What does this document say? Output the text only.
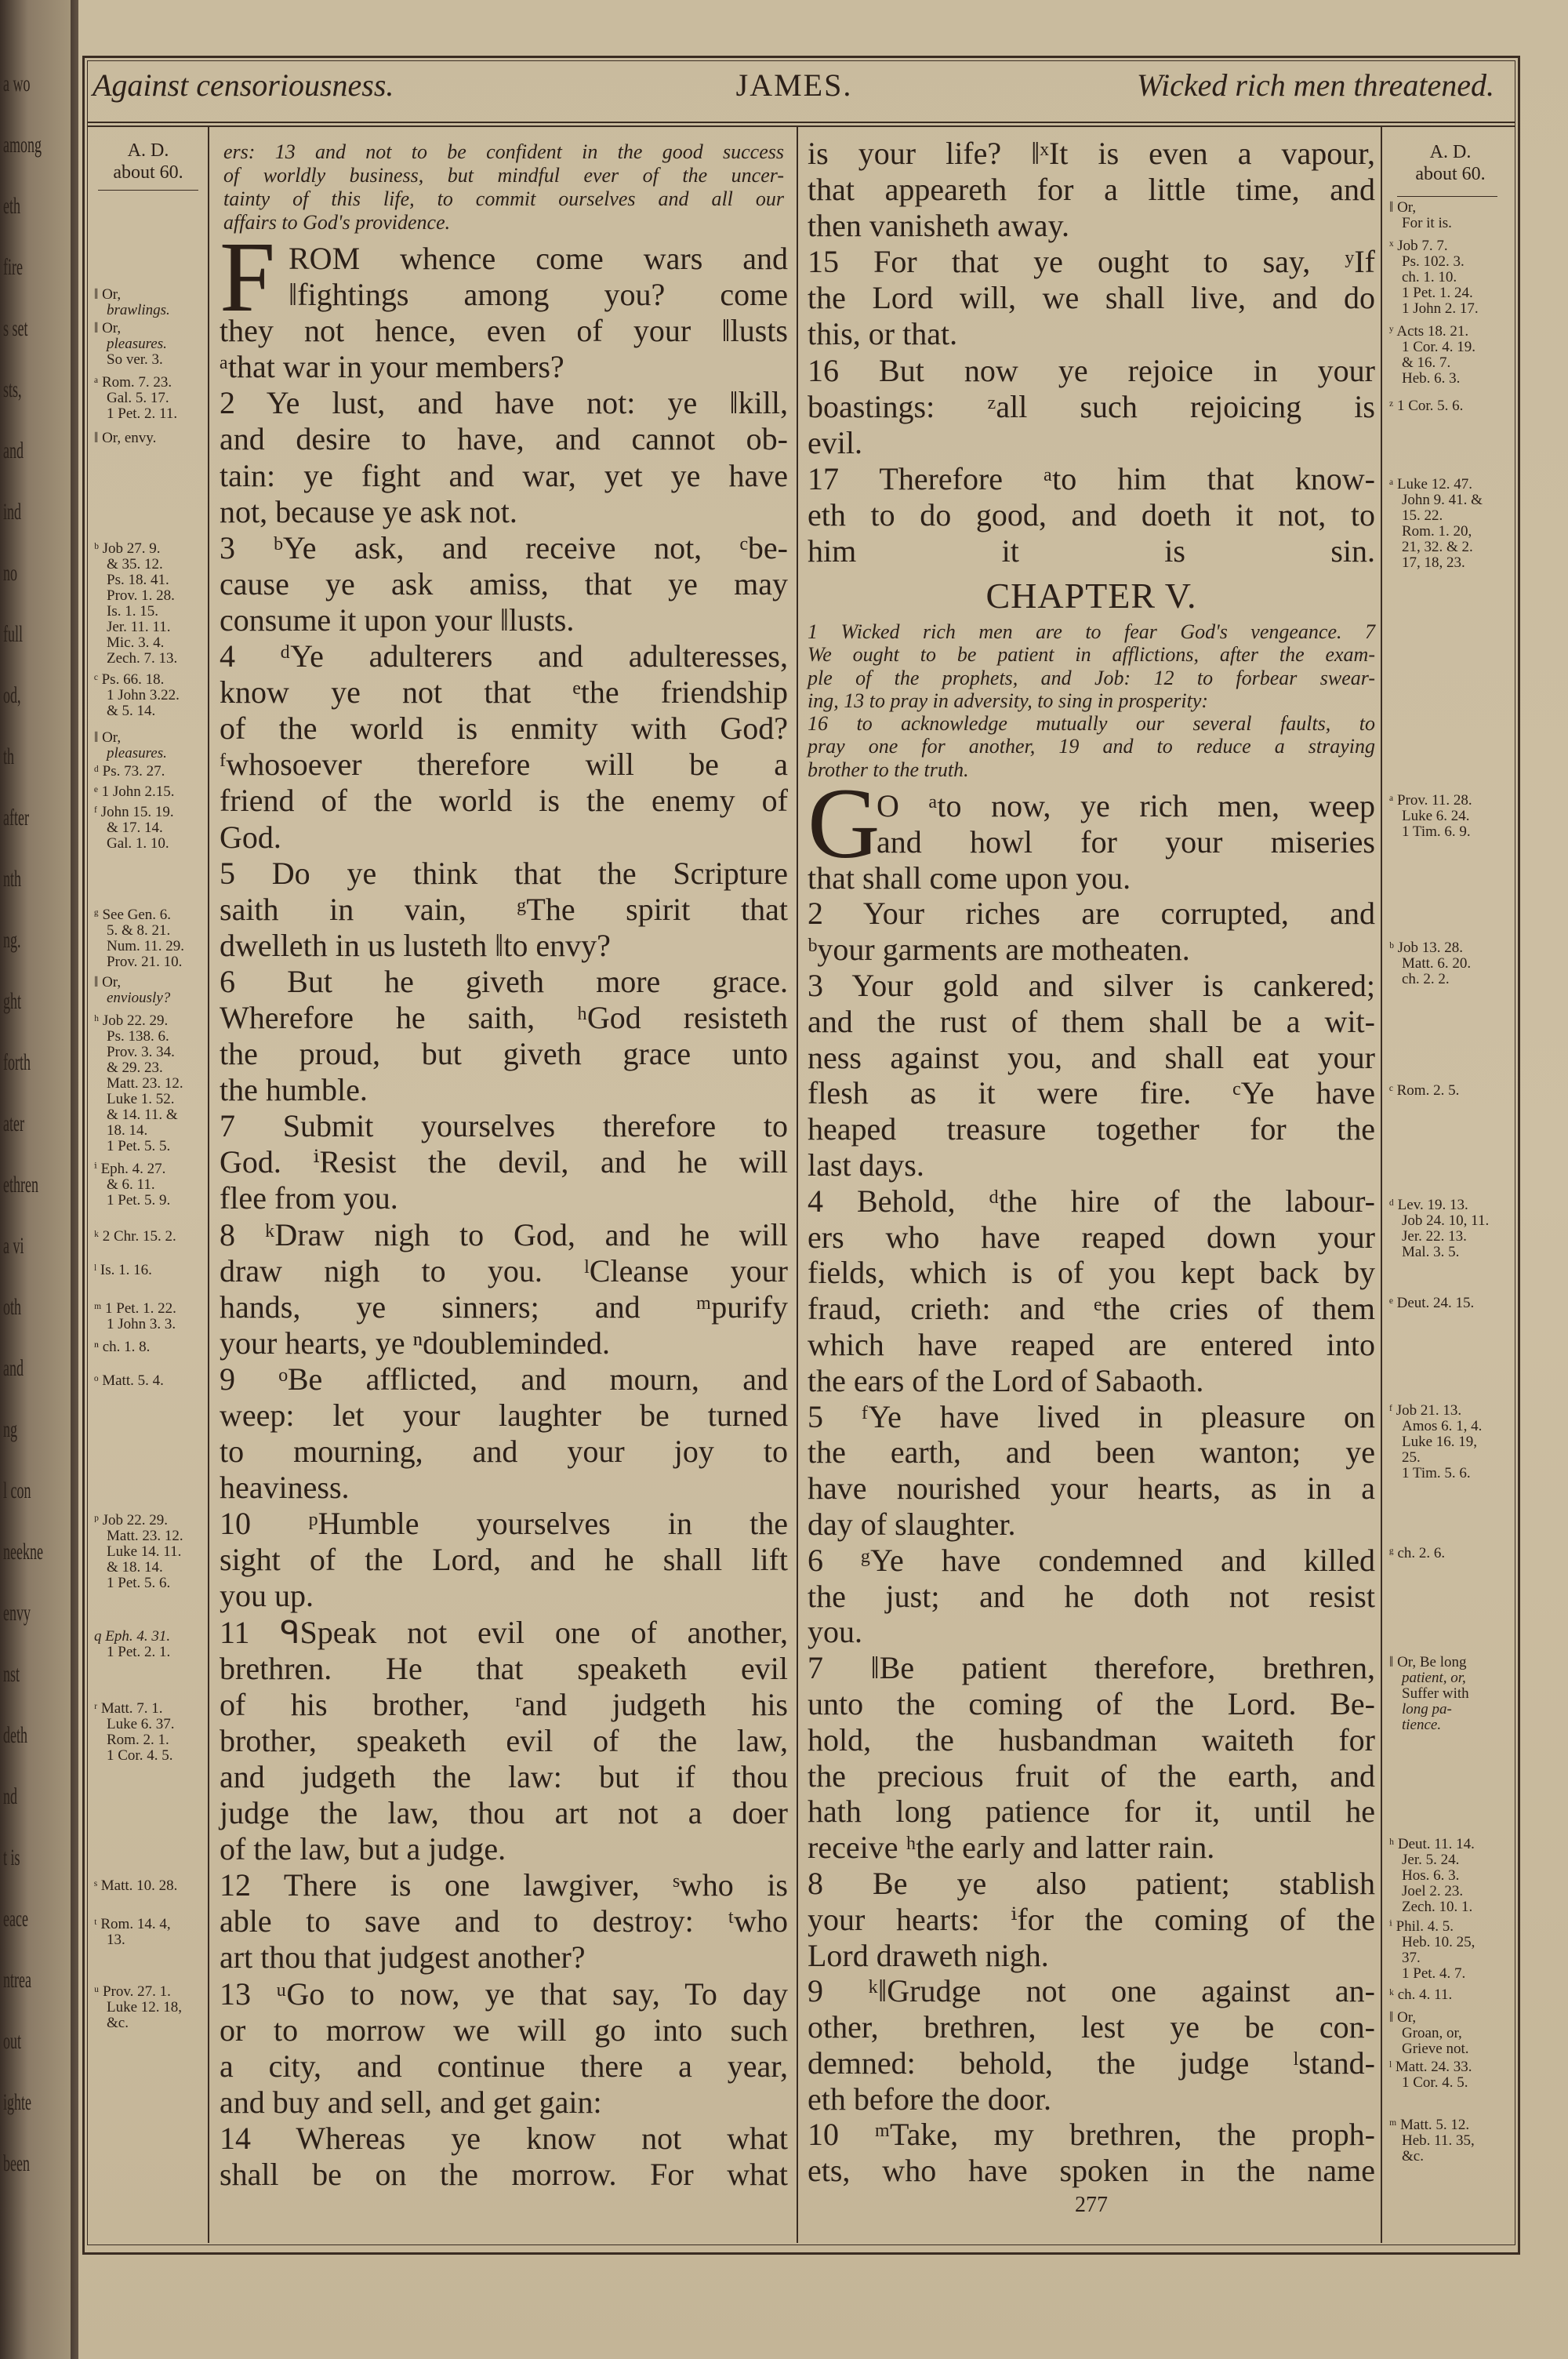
a wo
among
eth
fire
s set
sts,
and
ind
no
full
od,
th
after
nth
ng.
ght
forth
ater
ethren
a vi
oth
and
ng
l con
neekne
envy
nst
deth
nd
t is
eace
ntrea
out
ighte
been
Against censoriousness.	JAMES.	Wicked rich men threatened.
A. D.
about 60.
A. D.
about 60.
ers: 13 and not to be confident in the good success
of worldly business, but mindful ever of the uncer-
tainty of this life, to commit ourselves and all our
affairs to God's providence.
F ROM whence come wars and
‖fightings among you? come
they not hence, even of your ‖lusts
ᵃthat war in your members?
2 Ye lust, and have not: ye ‖kill,
and desire to have, and cannot ob-
tain: ye fight and war, yet ye have
not, because ye ask not.
3 ᵇYe ask, and receive not, ᶜbe-
cause ye ask amiss, that ye may
consume it upon your ‖lusts.
4 ᵈYe adulterers and adulteresses,
know ye not that ᵉthe friendship
of the world is enmity with God?
ᶠwhosoever therefore will be a
friend of the world is the enemy of
God.
5 Do ye think that the Scripture
saith in vain, ᵍThe spirit that
dwelleth in us lusteth ‖to envy?
6 But he giveth more grace.
Wherefore he saith, ʰGod resisteth
the proud, but giveth grace unto
the humble.
7 Submit yourselves therefore to
God. ⁱResist the devil, and he will
flee from you.
8 ᵏDraw nigh to God, and he will
draw nigh to you. ˡCleanse your
hands, ye sinners; and ᵐpurify
your hearts, ye ⁿdoubleminded.
9 ᵒBe afflicted, and mourn, and
weep: let your laughter be turned
to mourning, and your joy to
heaviness.
10 ᵖHumble yourselves in the
sight of the Lord, and he shall lift
you up.
11 ᑫSpeak not evil one of another,
brethren. He that speaketh evil
of his brother, ʳand judgeth his
brother, speaketh evil of the law,
and judgeth the law: but if thou
judge the law, thou art not a doer
of the law, but a judge.
12 There is one lawgiver, ˢwho is
able to save and to destroy: ᵗwho
art thou that judgest another?
13 ᵘGo to now, ye that say, To day
or to morrow we will go into such
a city, and continue there a year,
and buy and sell, and get gain:
14 Whereas ye know not what
shall be on the morrow. For what
is your life? ‖ˣIt is even a vapour,
that appeareth for a little time, and
then vanisheth away.
15 For that ye ought to say, ʸIf
the Lord will, we shall live, and do
this, or that.
16 But now ye rejoice in your
boastings: ᶻall such rejoicing is
evil.
17 Therefore ᵃto him that know-
eth to do good, and doeth it not, to
him it is sin.
CHAPTER V.
1 Wicked rich men are to fear God's vengeance. 7
We ought to be patient in afflictions, after the exam-
ple of the prophets, and Job: 12 to forbear swear-
ing, 13 to pray in adversity, to sing in prosperity:
16 to acknowledge mutually our several faults, to
pray one for another, 19 and to reduce a straying
brother to the truth.
G
O ᵃto now, ye rich men, weep
and howl for your miseries
that shall come upon you.
2 Your riches are corrupted, and
ᵇyour garments are motheaten.
3 Your gold and silver is cankered;
and the rust of them shall be a wit-
ness against you, and shall eat your
flesh as it were fire. ᶜYe have
heaped treasure together for the
last days.
4 Behold, ᵈthe hire of the labour-
ers who have reaped down your
fields, which is of you kept back by
fraud, crieth: and ᵉthe cries of them
which have reaped are entered into
the ears of the Lord of Sabaoth.
5 ᶠYe have lived in pleasure on
the earth, and been wanton; ye
have nourished your hearts, as in a
day of slaughter.
6 ᵍYe have condemned and killed
the just; and he doth not resist
you.
7 ‖Be patient therefore, brethren,
unto the coming of the Lord. Be-
hold, the husbandman waiteth for
the precious fruit of the earth, and
hath long patience for it, until he
receive ʰthe early and latter rain.
8 Be ye also patient; stablish
your hearts: ⁱfor the coming of the
Lord draweth nigh.
9 ᵏ‖Grudge not one against an-
other, brethren, lest ye be con-
demned: behold, the judge ˡstand-
eth before the door.
10 ᵐTake, my brethren, the proph-
ets, who have spoken in the name
277
‖ Or,
brawlings.
‖ Or,
pleasures.
So ver. 3.
ᵃ Rom. 7. 23.
Gal. 5. 17.
1 Pet. 2. 11.
‖ Or, envy.
ᵇ Job 27. 9.
& 35. 12.
Ps. 18. 41.
Prov. 1. 28.
Is. 1. 15.
Jer. 11. 11.
Mic. 3. 4.
Zech. 7. 13.
ᶜ Ps. 66. 18.
1 John 3.22.
& 5. 14.
‖ Or,
pleasures.
ᵈ Ps. 73. 27.
ᵉ 1 John 2.15.
ᶠ John 15. 19.
& 17. 14.
Gal. 1. 10.
ᵍ See Gen. 6.
5. & 8. 21.
Num. 11. 29.
Prov. 21. 10.
‖ Or,
enviously?
ʰ Job 22. 29.
Ps. 138. 6.
Prov. 3. 34.
& 29. 23.
Matt. 23. 12.
Luke 1. 52.
& 14. 11. &
18. 14.
1 Pet. 5. 5.
ⁱ Eph. 4. 27.
& 6. 11.
1 Pet. 5. 9.
ᵏ 2 Chr. 15. 2.
ˡ Is. 1. 16.
ᵐ 1 Pet. 1. 22.
1 John 3. 3.
ⁿ ch. 1. 8.
ᵒ Matt. 5. 4.
ᵖ Job 22. 29.
Matt. 23. 12.
Luke 14. 11.
& 18. 14.
1 Pet. 5. 6.
q Eph. 4. 31.
1 Pet. 2. 1.
ʳ Matt. 7. 1.
Luke 6. 37.
Rom. 2. 1.
1 Cor. 4. 5.
ˢ Matt. 10. 28.
ᵗ Rom. 14. 4,
13.
ᵘ Prov. 27. 1.
Luke 12. 18,
&c.
‖ Or,
For it is.
ˣ Job 7. 7.
Ps. 102. 3.
ch. 1. 10.
1 Pet. 1. 24.
1 John 2. 17.
ʸ Acts 18. 21.
1 Cor. 4. 19.
& 16. 7.
Heb. 6. 3.
ᶻ 1 Cor. 5. 6.
ᵃ Luke 12. 47.
John 9. 41. &
15. 22.
Rom. 1. 20,
21, 32. & 2.
17, 18, 23.
ᵃ Prov. 11. 28.
Luke 6. 24.
1 Tim. 6. 9.
ᵇ Job 13. 28.
Matt. 6. 20.
ch. 2. 2.
ᶜ Rom. 2. 5.
ᵈ Lev. 19. 13.
Job 24. 10, 11.
Jer. 22. 13.
Mal. 3. 5.
ᵉ Deut. 24. 15.
ᶠ Job 21. 13.
Amos 6. 1, 4.
Luke 16. 19,
25.
1 Tim. 5. 6.
ᵍ ch. 2. 6.
‖ Or, Be long
patient, or,
Suffer with
long pa-
tience.
ʰ Deut. 11. 14.
Jer. 5. 24.
Hos. 6. 3.
Joel 2. 23.
Zech. 10. 1.
ⁱ Phil. 4. 5.
Heb. 10. 25,
37.
1 Pet. 4. 7.
ᵏ ch. 4. 11.
‖ Or,
Groan, or,
Grieve not.
ˡ Matt. 24. 33.
1 Cor. 4. 5.
ᵐ Matt. 5. 12.
Heb. 11. 35,
&c.
